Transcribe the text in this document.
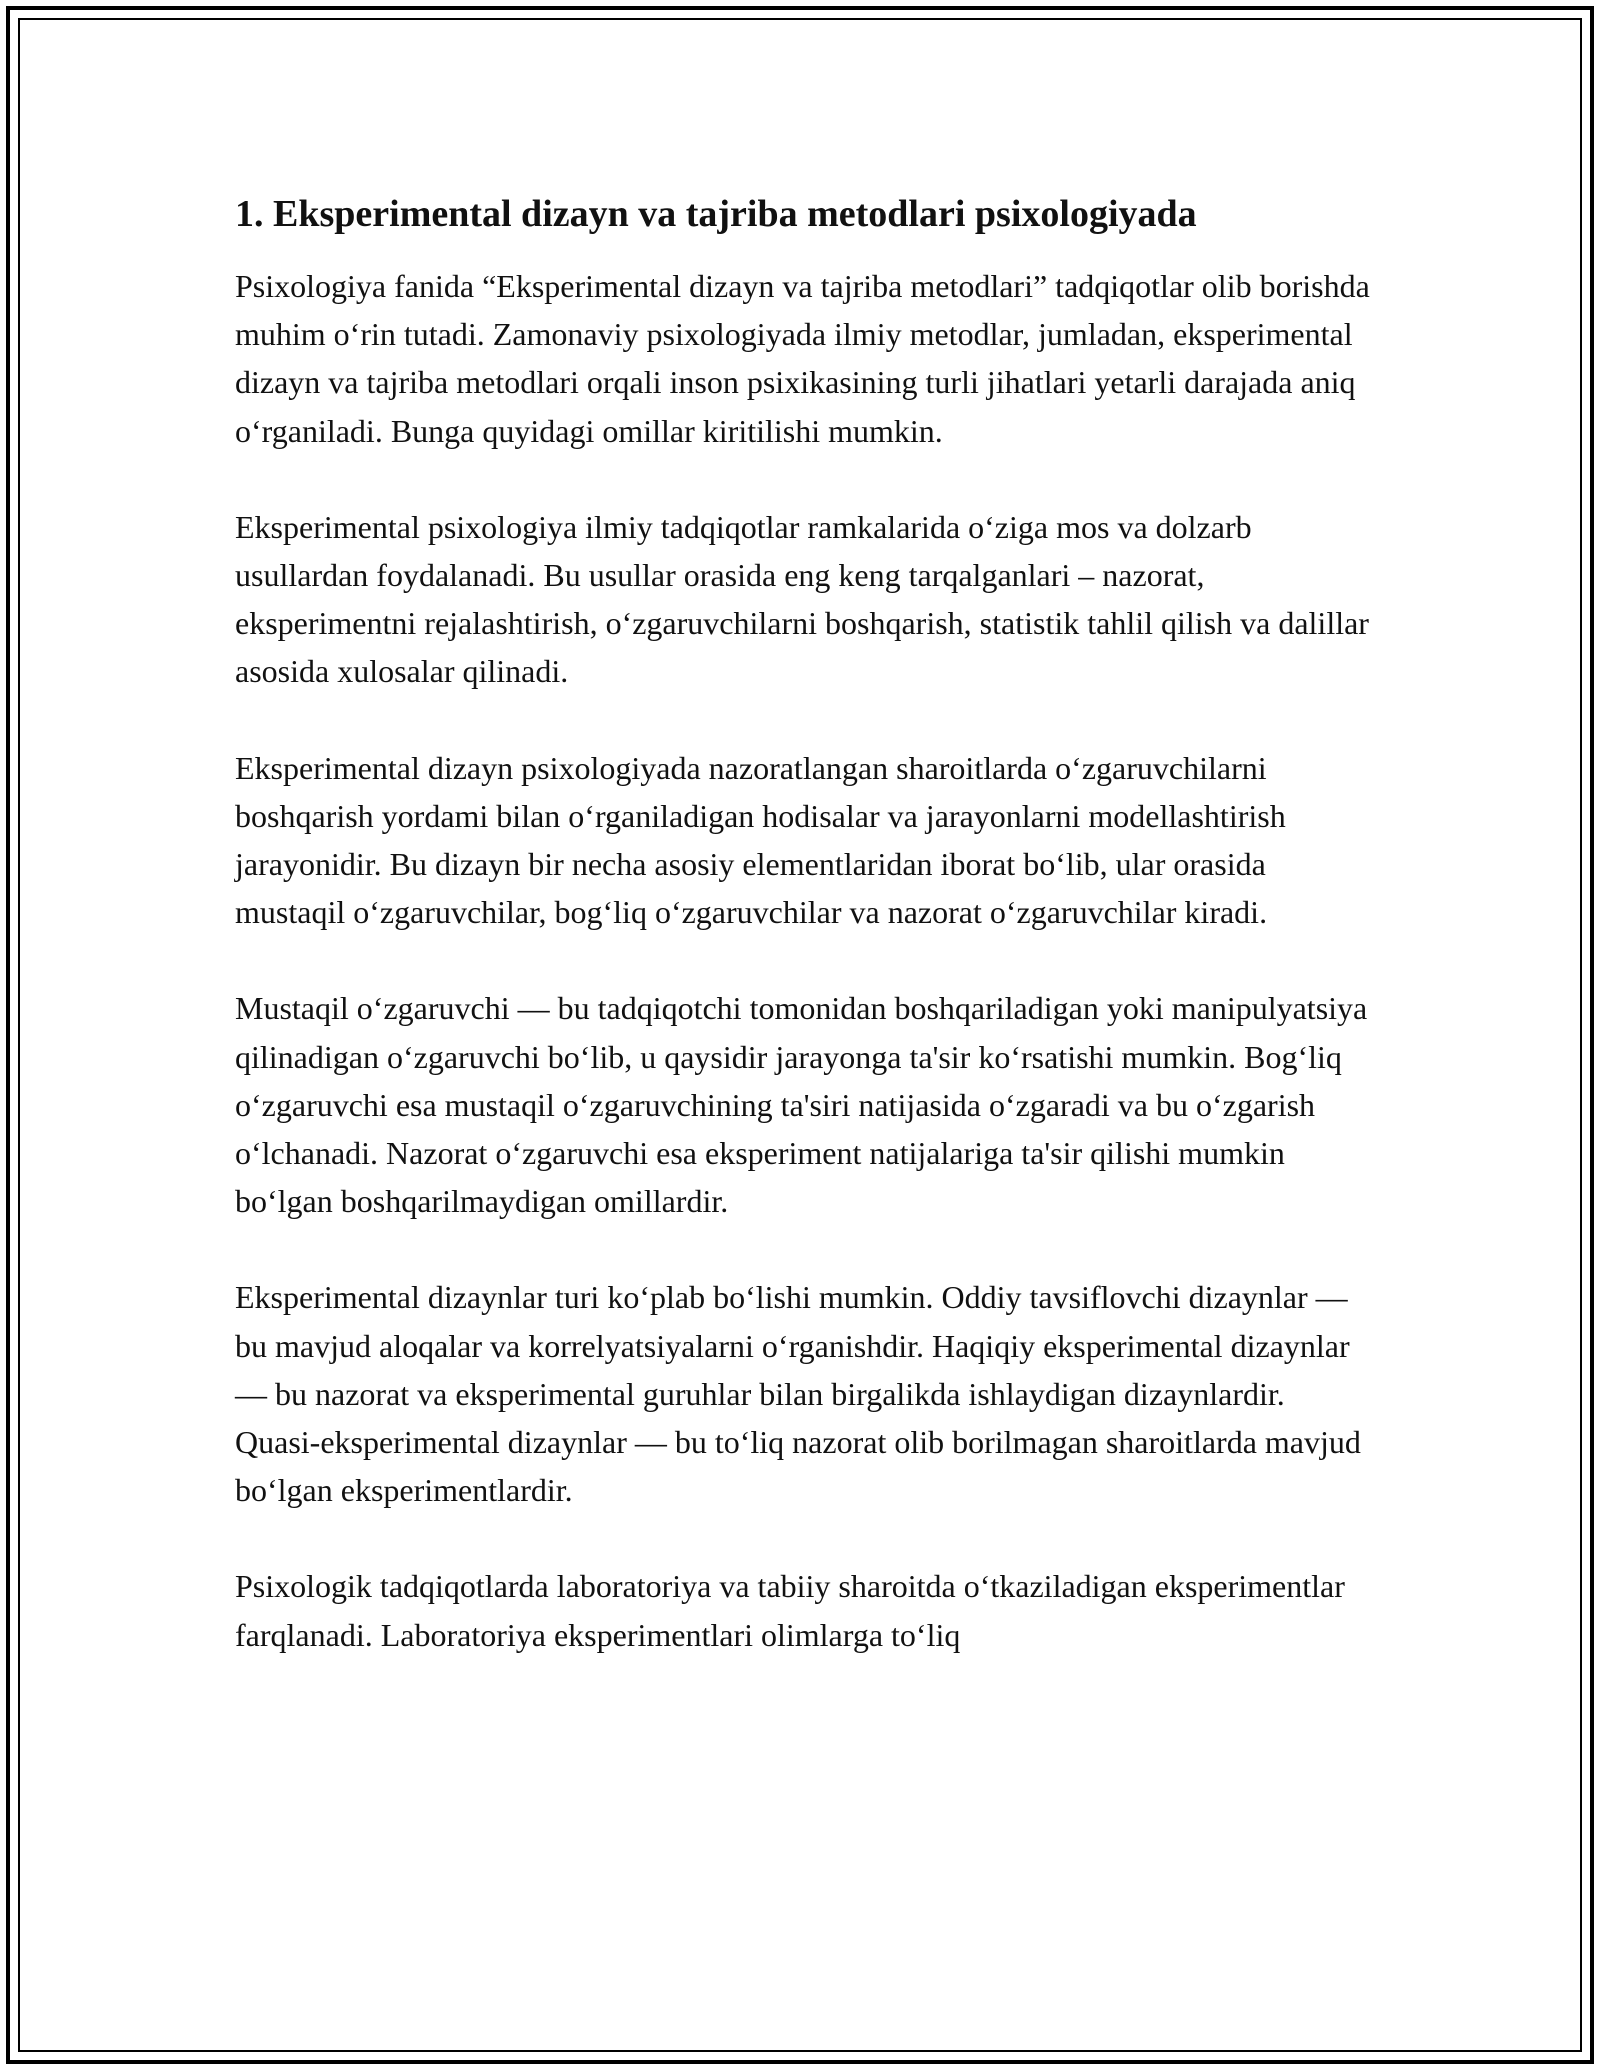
1. Eksperimental dizayn va tajriba metodlari psixologiyada

Psixologiya fanida “Eksperimental dizayn va tajriba metodlari” tadqiqotlar olib borishda muhim o‘rin tutadi. Zamonaviy psixologiyada ilmiy metodlar, jumladan, eksperimental dizayn va tajriba metodlari orqali inson psixikasining turli jihatlari yetarli darajada aniq o‘rganiladi. Bunga quyidagi omillar kiritilishi mumkin.

Eksperimental psixologiya ilmiy tadqiqotlar ramkalarida o‘ziga mos va dolzarb usullardan foydalanadi. Bu usullar orasida eng keng tarqalganlari – nazorat, eksperimentni rejalashtirish, o‘zgaruvchilarni boshqarish, statistik tahlil qilish va dalillar asosida xulosalar qilinadi.

Eksperimental dizayn psixologiyada nazoratlangan sharoitlarda o‘zgaruvchilarni boshqarish yordami bilan o‘rganiladigan hodisalar va jarayonlarni modellashtirish jarayonidir. Bu dizayn bir necha asosiy elementlaridan iborat bo‘lib, ular orasida mustaqil o‘zgaruvchilar, bog‘liq o‘zgaruvchilar va nazorat o‘zgaruvchilar kiradi.

Mustaqil o‘zgaruvchi — bu tadqiqotchi tomonidan boshqariladigan yoki manipulyatsiya qilinadigan o‘zgaruvchi bo‘lib, u qaysidir jarayonga ta'sir ko‘rsatishi mumkin. Bog‘liq o‘zgaruvchi esa mustaqil o‘zgaruvchining ta'siri natijasida o‘zgaradi va bu o‘zgarish o‘lchanadi. Nazorat o‘zgaruvchi esa eksperiment natijalariga ta'sir qilishi mumkin bo‘lgan boshqarilmaydigan omillardir.

Eksperimental dizaynlar turi ko‘plab bo‘lishi mumkin. Oddiy tavsiflovchi dizaynlar — bu mavjud aloqalar va korrelyatsiyalarni o‘rganishdir. Haqiqiy eksperimental dizaynlar — bu nazorat va eksperimental guruhlar bilan birgalikda ishlaydigan dizaynlardir. Quasi-eksperimental dizaynlar — bu to‘liq nazorat olib borilmagan sharoitlarda mavjud bo‘lgan eksperimentlardir.

Psixologik tadqiqotlarda laboratoriya va tabiiy sharoitda o‘tkaziladigan eksperimentlar farqlanadi. Laboratoriya eksperimentlari olimlarga to‘liq
